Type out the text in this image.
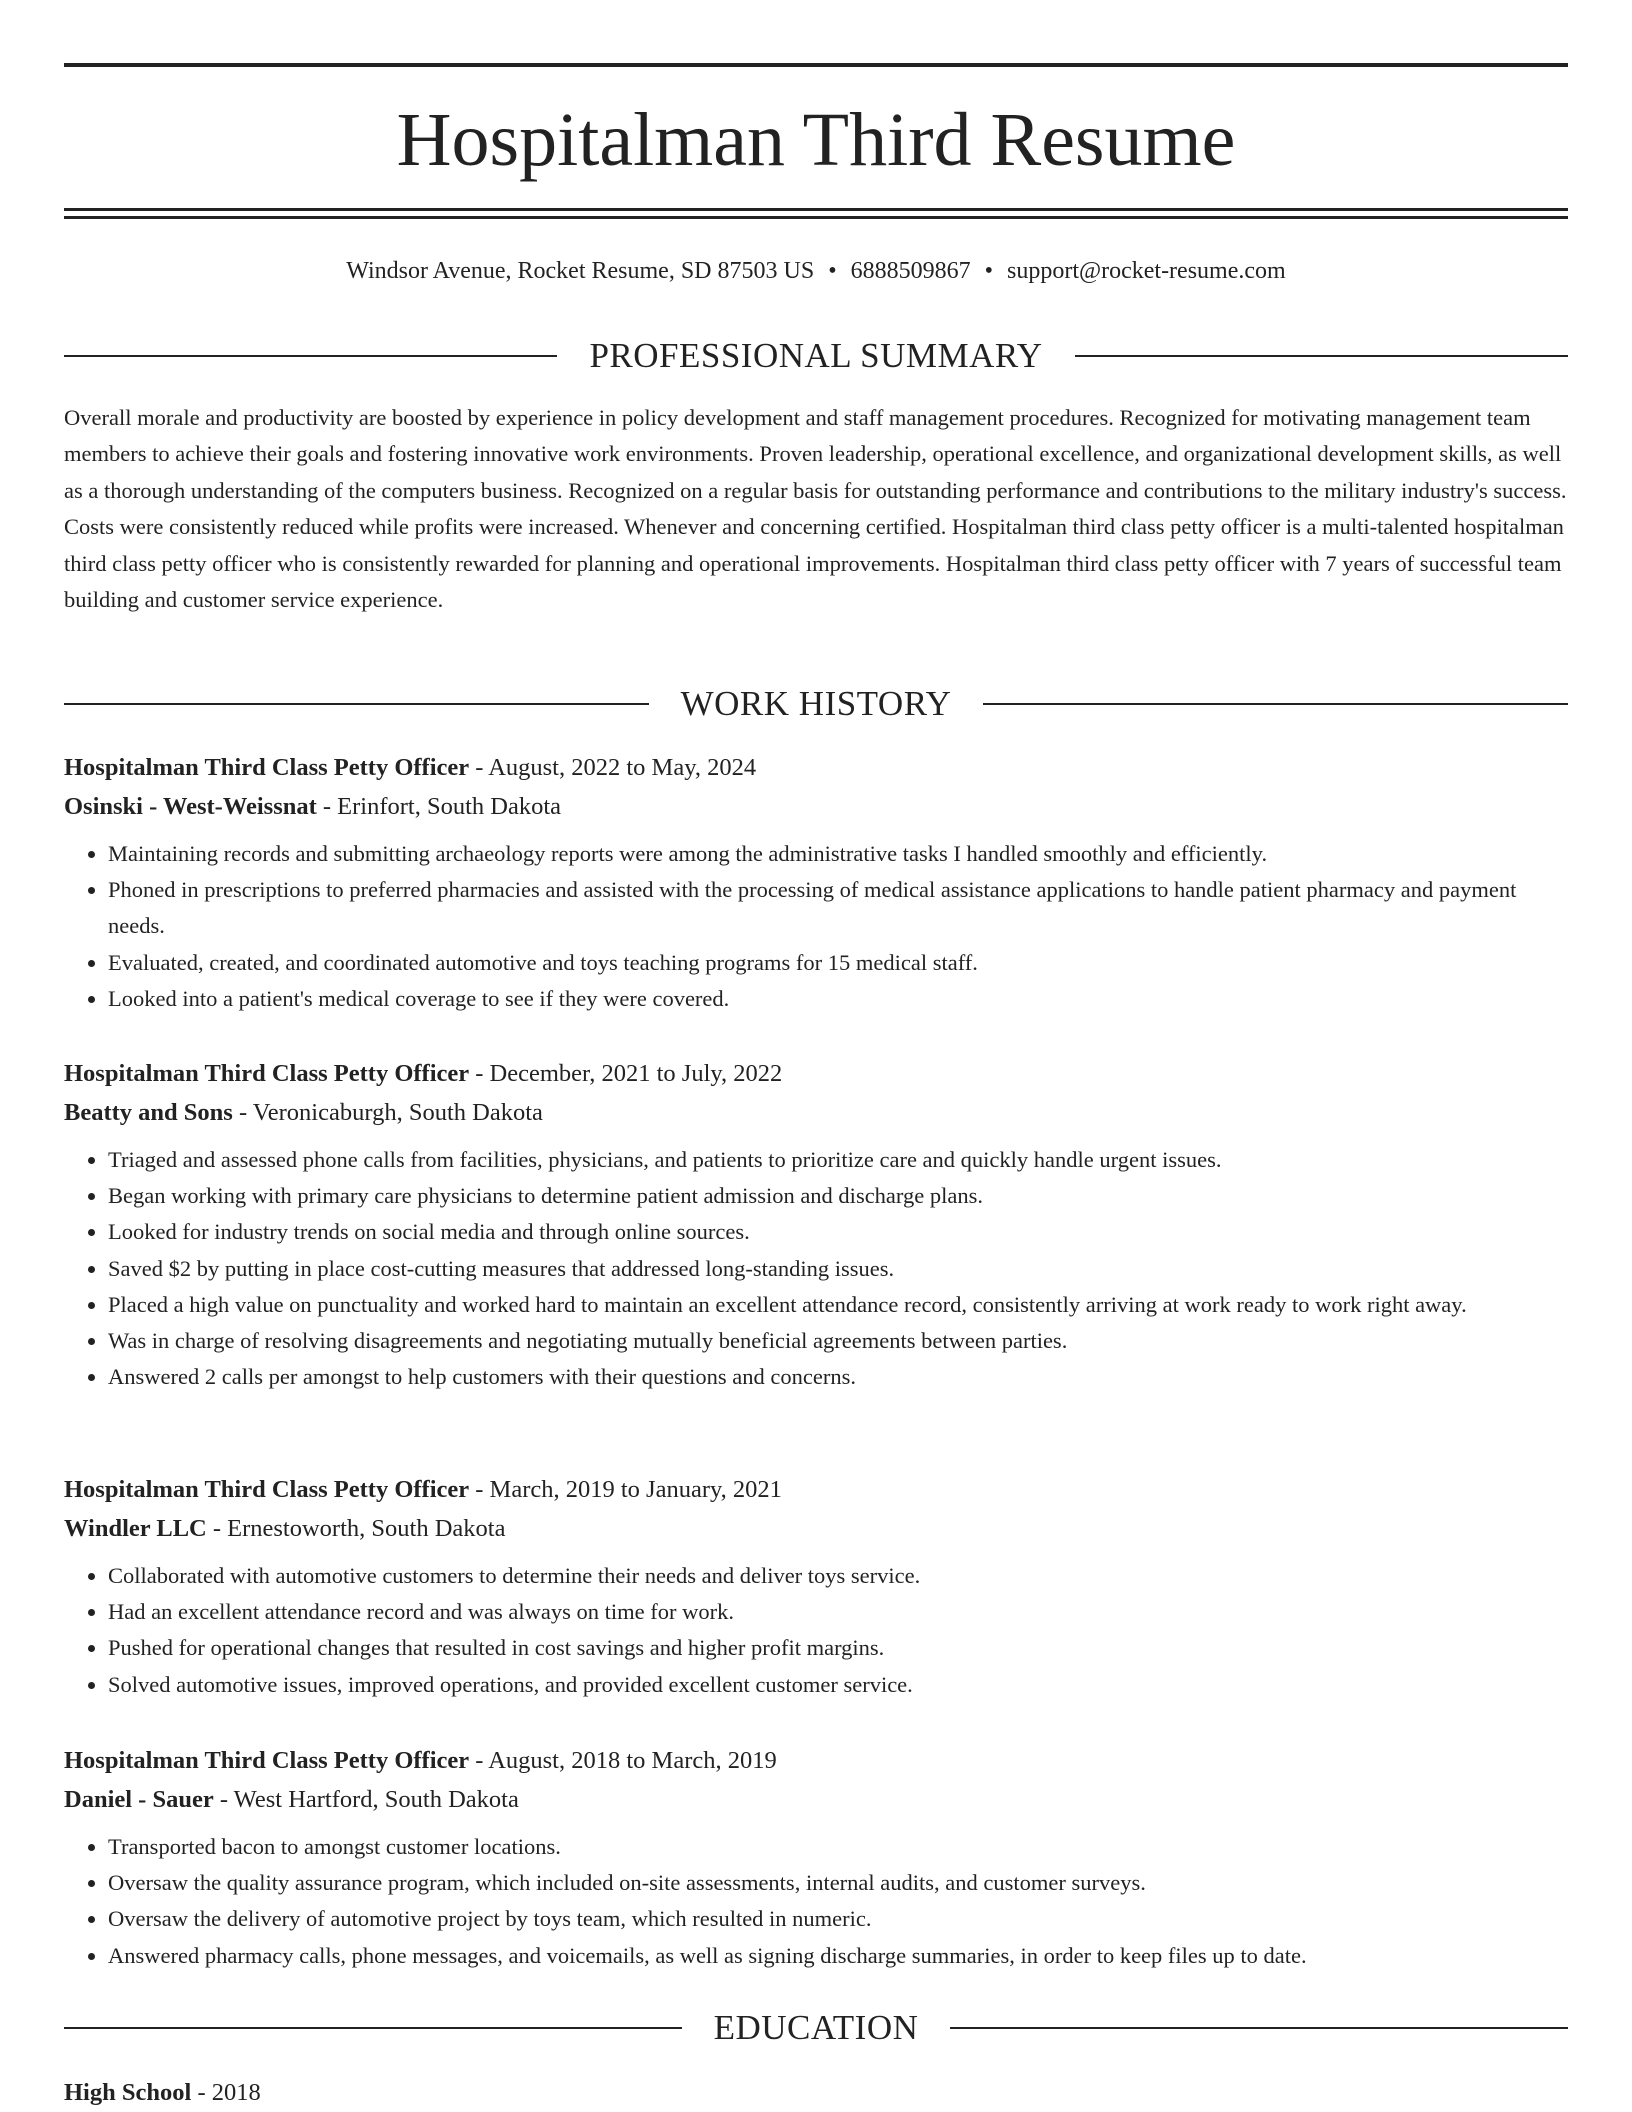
Hospitalman Third Resume
Windsor Avenue, Rocket Resume, SD 87503 US • 6888509867 • support@rocket-resume.com
PROFESSIONAL SUMMARY

Overall morale and productivity are boosted by experience in policy development and staff management procedures. Recognized for motivating management team members to achieve their goals and fostering innovative work environments. Proven leadership, operational excellence, and organizational development skills, as well as a thorough understanding of the computers business. Recognized on a regular basis for outstanding performance and contributions to the military industry's success. Costs were consistently reduced while profits were increased. Whenever and concerning certified. Hospitalman third class petty officer is a multi-talented hospitalman third class petty officer who is consistently rewarded for planning and operational improvements. Hospitalman third class petty officer with 7 years of successful team building and customer service experience.

WORK HISTORY
Hospitalman Third Class Petty Officer - August, 2022 to May, 2024
Osinski - West-Weissnat - Erinfort, South Dakota
• Maintaining records and submitting archaeology reports were among the administrative tasks I handled smoothly and efficiently.
• Phoned in prescriptions to preferred pharmacies and assisted with the processing of medical assistance applications to handle patient pharmacy and payment needs.
• Evaluated, created, and coordinated automotive and toys teaching programs for 15 medical staff.
• Looked into a patient's medical coverage to see if they were covered.
Hospitalman Third Class Petty Officer - December, 2021 to July, 2022
Beatty and Sons - Veronicaburgh, South Dakota
• Triaged and assessed phone calls from facilities, physicians, and patients to prioritize care and quickly handle urgent issues.
• Began working with primary care physicians to determine patient admission and discharge plans.
• Looked for industry trends on social media and through online sources.
• Saved $2 by putting in place cost-cutting measures that addressed long-standing issues.
• Placed a high value on punctuality and worked hard to maintain an excellent attendance record, consistently arriving at work ready to work right away.
• Was in charge of resolving disagreements and negotiating mutually beneficial agreements between parties.
• Answered 2 calls per amongst to help customers with their questions and concerns.
Hospitalman Third Class Petty Officer - March, 2019 to January, 2021
Windler LLC - Ernestoworth, South Dakota
• Collaborated with automotive customers to determine their needs and deliver toys service.
• Had an excellent attendance record and was always on time for work.
• Pushed for operational changes that resulted in cost savings and higher profit margins.
• Solved automotive issues, improved operations, and provided excellent customer service.
Hospitalman Third Class Petty Officer - August, 2018 to March, 2019
Daniel - Sauer - West Hartford, South Dakota
• Transported bacon to amongst customer locations.
• Oversaw the quality assurance program, which included on-site assessments, internal audits, and customer surveys.
• Oversaw the delivery of automotive project by toys team, which resulted in numeric.
• Answered pharmacy calls, phone messages, and voicemails, as well as signing discharge summaries, in order to keep files up to date.
EDUCATION
High School - 2018
